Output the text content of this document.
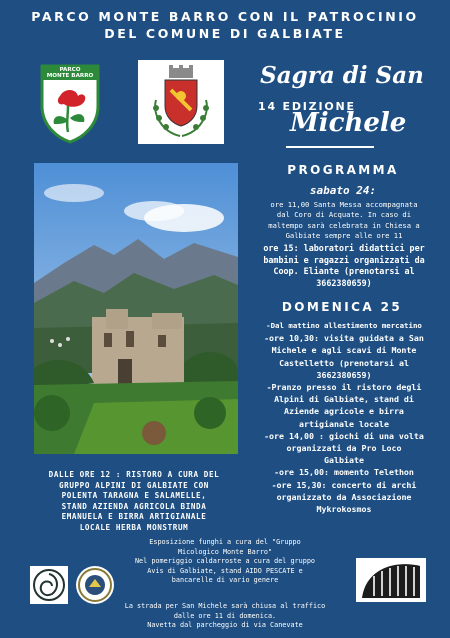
PARCO MONTE BARRO CON IL PATROCINIO
DEL COMUNE DI GALBIATE
PARCO
MONTE BARRO	Sagra di San
14 EDIZIONE
Michele
PROGRAMMA
sabato 24:
ore 11,00 Santa Messa accompagnata
dal Coro di Acquate. In caso di
maltempo sarà celebrata in Chiesa a
Galbiate sempre alle ore 11
ore 15: laboratori didattici per
bambini e ragazzi organizzati da
Coop. Eliante (prenotarsi al
3662380659)
DOMENICA 25
-Dal mattino allestimento mercatino
-ore 10,30: visita guidata a San
Michele e agli scavi di Monte
Castelletto (prenotarsi al
3662380659)
-Pranzo presso il ristoro degli
Alpini di Galbiate, stand di
Aziende agricole e birra
artigianale locale
-ore 14,00 : giochi di una volta
organizzati da Pro Loco
Galbiate
-ore 15,00: momento Telethon
-ore 15,30: concerto di archi
organizzato da Associazione
Mykrokosmos
DALLE ORE 12 : RISTORO A CURA DEL
GRUPPO ALPINI DI GALBIATE CON
POLENTA TARAGNA E SALAMELLE,
STAND AZIENDA AGRICOLA BINDA
EMANUELA E BIRRA ARTIGIANALE
LOCALE HERBA MONSTRUM
Esposizione funghi a cura del "Gruppo
Micologico Monte Barro"
Nel pomeriggio caldarroste a cura del gruppo
Avis di Galbiate, stand AIDO PESCATE e
bancarelle di vario genere
La strada per San Michele sarà chiusa al traffico
dalle ore 11 di domenica.
Navetta dal parcheggio di via Canevate
